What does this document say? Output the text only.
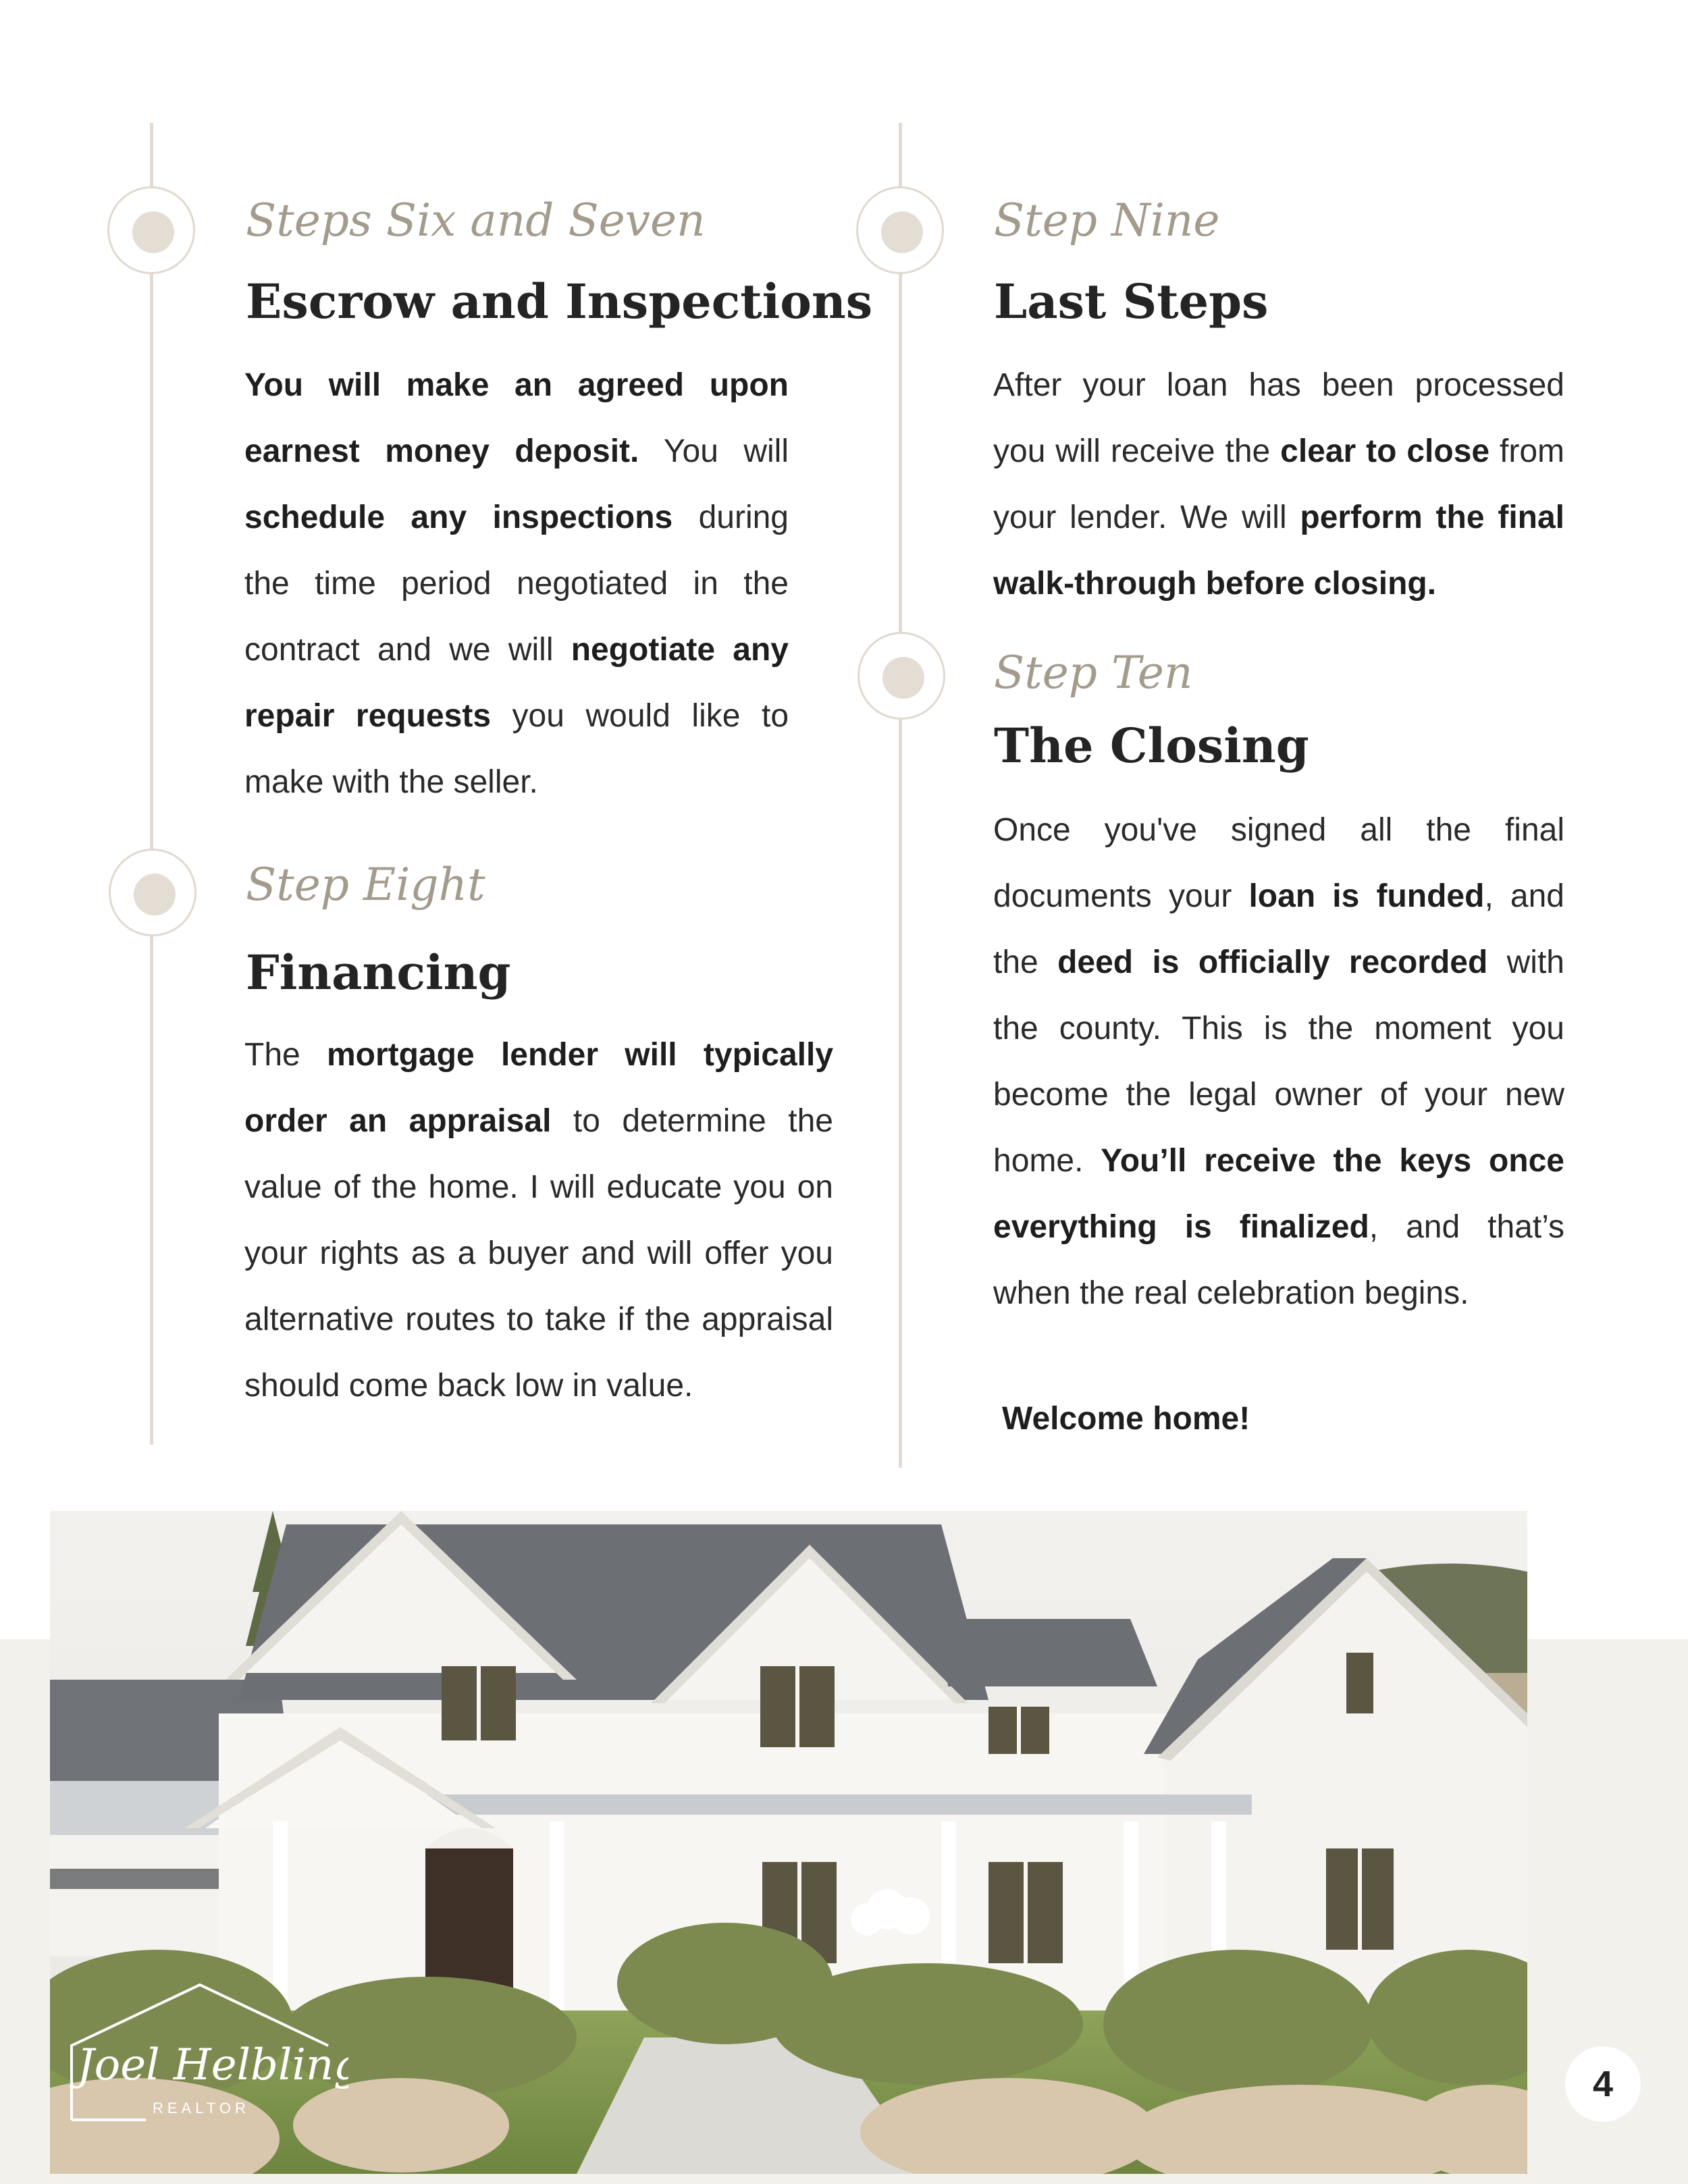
Steps Six and Seven
Escrow and Inspections

You will make an agreed upon earnest money deposit. You will schedule any inspections during the time period negotiated in the contract and we will negotiate any repair requests you would like to make with the seller.

Step Eight
Financing

The mortgage lender will typically order an appraisal to determine the value of the home. I will educate you on your rights as a buyer and will offer you alternative routes to take if the appraisal should come back low in value.

Step Nine
Last Steps

After your loan has been processed you will receive the clear to close from your lender. We will perform the final walk-through before closing.

Step Ten
The Closing

Once you've signed all the final documents your loan is funded, and the deed is officially recorded with the county. This is the moment you become the legal owner of your new home. You’ll receive the keys once everything is finalized, and that’s when the real celebration begins.

Welcome home!
Joel Helbling
REALTOR
4
